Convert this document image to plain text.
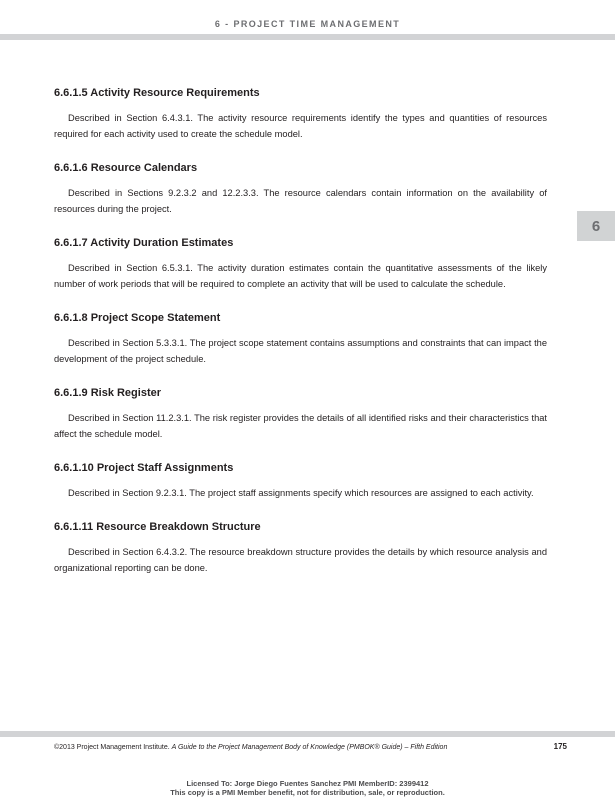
6 - PROJECT TIME MANAGEMENT
6
6.6.1.5 Activity Resource Requirements

Described in Section 6.4.3.1. The activity resource requirements identify the types and quantities of resources required for each activity used to create the schedule model.

6.6.1.6 Resource Calendars

Described in Sections 9.2.3.2 and 12.2.3.3. The resource calendars contain information on the availability of resources during the project.

6.6.1.7 Activity Duration Estimates

Described in Section 6.5.3.1. The activity duration estimates contain the quantitative assessments of the likely number of work periods that will be required to complete an activity that will be used to calculate the schedule.

6.6.1.8 Project Scope Statement

Described in Section 5.3.3.1. The project scope statement contains assumptions and constraints that can impact the development of the project schedule.

6.6.1.9 Risk Register

Described in Section 11.2.3.1. The risk register provides the details of all identified risks and their characteristics that affect the schedule model.

6.6.1.10 Project Staff Assignments

Described in Section 9.2.3.1. The project staff assignments specify which resources are assigned to each activity.

6.6.1.11 Resource Breakdown Structure

Described in Section 6.4.3.2. The resource breakdown structure provides the details by which resource analysis and organizational reporting can be done.

©2013 Project Management Institute. A Guide to the Project Management Body of Knowledge (PMBOK® Guide) – Fifth Edition	175
Licensed To: Jorge Diego Fuentes Sanchez PMI MemberID: 2399412
This copy is a PMI Member benefit, not for distribution, sale, or reproduction.
